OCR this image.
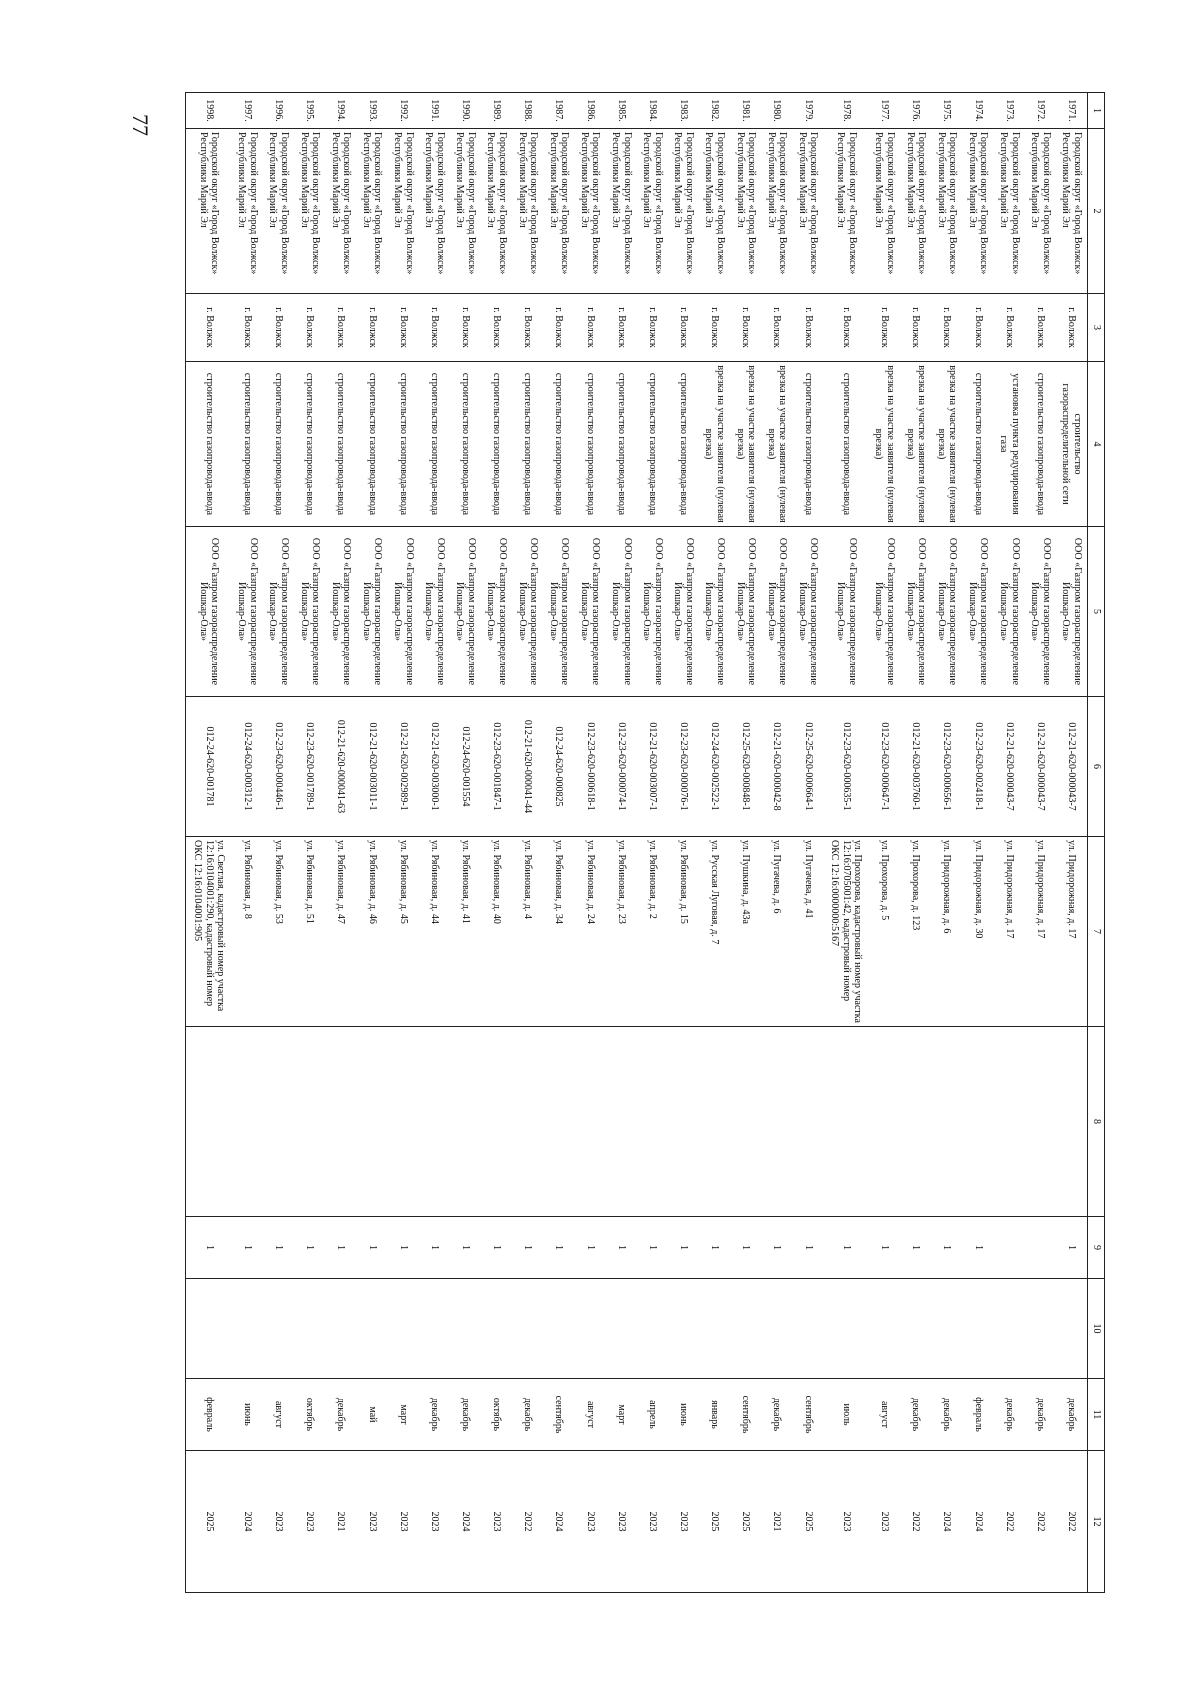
77
1	2	3	4	5	6	7	8	9	10	11	12
1971.	Городской округ «Город Волжск» Республики Марий Эл	г. Волжск	строительство газораспределительной сети	ООО «Газпром газораспределение Йошкар-Ола»	012-21-620-000043-7	ул. Придорожная, д. 17		1		декабрь	2022
1972.	Городской округ «Город Волжск» Республики Марий Эл	г. Волжск	строительство газопровода-ввода	ООО «Газпром газораспределение Йошкар-Ола»	012-21-620-000043-7	ул. Придорожная, д. 17				декабрь	2022
1973.	Городской округ «Город Волжск» Республики Марий Эл	г. Волжск	установка пункта редуцирования газа	ООО «Газпром газораспределение Йошкар-Ола»	012-21-620-000043-7	ул. Придорожная, д. 17				декабрь	2022
1974.	Городской округ «Город Волжск» Республики Марий Эл	г. Волжск	строительство газопровода-ввода	ООО «Газпром газораспределение Йошкар-Ола»	012-23-620-002418-1	ул. Придорожная, д. 30		1		февраль	2024
1975.	Городской округ «Город Волжск» Республики Марий Эл	г. Волжск	врезка на участке заявителя (нулевая врезка)	ООО «Газпром газораспределение Йошкар-Ола»	012-23-620-000656-1	ул. Придорожная, д. 6		1		декабрь	2024
1976.	Городской округ «Город Волжск» Республики Марий Эл	г. Волжск	врезка на участке заявителя (нулевая врезка)	ООО «Газпром газораспределение Йошкар-Ола»	012-21-620-003760-1	ул. Прохорова, д. 123		1		декабрь	2022
1977.	Городской округ «Город Волжск» Республики Марий Эл	г. Волжск	врезка на участке заявителя (нулевая врезка)	ООО «Газпром газораспределение Йошкар-Ола»	012-23-620-000647-1	ул. Прохорова, д. 5		1		август	2023
1978.	Городской округ «Город Волжск» Республики Марий Эл	г. Волжск	строительство газопровода-ввода	ООО «Газпром газораспределение Йошкар-Ола»	012-23-620-000635-1	ул. Прохорова, кадастровый номер участка 12:16:0705001:42, кадастровый номер ОКС 12:16:0000000:5167		1		июль	2023
1979.	Городской округ «Город Волжск» Республики Марий Эл	г. Волжск	строительство газопровода-ввода	ООО «Газпром газораспределение Йошкар-Ола»	012-25-620-000664-1	ул. Пугачева, д. 41		1		сентябрь	2025
1980.	Городской округ «Город Волжск» Республики Марий Эл	г. Волжск	врезка на участке заявителя (нулевая врезка)	ООО «Газпром газораспределение Йошкар-Ола»	012-21-620-000042-8	ул. Пугачева, д. 6		1		декабрь	2021
1981.	Городской округ «Город Волжск» Республики Марий Эл	г. Волжск	врезка на участке заявителя (нулевая врезка)	ООО «Газпром газораспределение Йошкар-Ола»	012-25-620-000848-1	ул. Пушкина, д. 43а		1		сентябрь	2025
1982.	Городской округ «Город Волжск» Республики Марий Эл	г. Волжск	врезка на участке заявителя (нулевая врезка)	ООО «Газпром газораспределение Йошкар-Ола»	012-24-620-002522-1	ул. Русская Луговая, д. 7		1		январь	2025
1983.	Городской округ «Город Волжск» Республики Марий Эл	г. Волжск	строительство газопровода-ввода	ООО «Газпром газораспределение Йошкар-Ола»	012-23-620-000076-1	ул. Рябиновая, д. 15		1		июнь	2023
1984.	Городской округ «Город Волжск» Республики Марий Эл	г. Волжск	строительство газопровода-ввода	ООО «Газпром газораспределение Йошкар-Ола»	012-21-620-003007-1	ул. Рябиновая, д. 2		1		апрель	2023
1985.	Городской округ «Город Волжск» Республики Марий Эл	г. Волжск	строительство газопровода-ввода	ООО «Газпром газораспределение Йошкар-Ола»	012-23-620-000074-1	ул. Рябиновая, д. 23		1		март	2023
1986.	Городской округ «Город Волжск» Республики Марий Эл	г. Волжск	строительство газопровода-ввода	ООО «Газпром газораспределение Йошкар-Ола»	012-23-620-000618-1	ул. Рябиновая, д. 24		1		август	2023
1987.	Городской округ «Город Волжск» Республики Марий Эл	г. Волжск	строительство газопровода-ввода	ООО «Газпром газораспределение Йошкар-Ола»	012-24-620-000825	ул. Рябиновая, д. 34		1		сентябрь	2024
1988.	Городской округ «Город Волжск» Республики Марий Эл	г. Волжск	строительство газопровода-ввода	ООО «Газпром газораспределение Йошкар-Ола»	012-21-620-000041-44	ул. Рябиновая, д. 4		1		декабрь	2022
1989.	Городской округ «Город Волжск» Республики Марий Эл	г. Волжск	строительство газопровода-ввода	ООО «Газпром газораспределение Йошкар-Ола»	012-23-620-001847-1	ул. Рябиновая, д. 40		1		октябрь	2023
1990.	Городской округ «Город Волжск» Республики Марий Эл	г. Волжск	строительство газопровода-ввода	ООО «Газпром газораспределение Йошкар-Ола»	012-24-620-001554	ул. Рябиновая, д. 41		1		декабрь	2024
1991.	Городской округ «Город Волжск» Республики Марий Эл	г. Волжск	строительство газопровода-ввода	ООО «Газпром газораспределение Йошкар-Ола»	012-21-620-003000-1	ул. Рябиновая, д. 44		1		декабрь	2023
1992.	Городской округ «Город Волжск» Республики Марий Эл	г. Волжск	строительство газопровода-ввода	ООО «Газпром газораспределение Йошкар-Ола»	012-21-620-002989-1	ул. Рябиновая, д. 45		1		март	2023
1993.	Городской округ «Город Волжск» Республики Марий Эл	г. Волжск	строительство газопровода-ввода	ООО «Газпром газораспределение Йошкар-Ола»	012-21-620-003011-1	ул. Рябиновая, д. 46		1		май	2023
1994.	Городской округ «Город Волжск» Республики Марий Эл	г. Волжск	строительство газопровода-ввода	ООО «Газпром газораспределение Йошкар-Ола»	012-21-620-000041-63	ул. Рябиновая, д. 47		1		декабрь	2021
1995.	Городской округ «Город Волжск» Республики Марий Эл	г. Волжск	строительство газопровода-ввода	ООО «Газпром газораспределение Йошкар-Ола»	012-23-620-001789-1	ул. Рябиновая, д. 51		1		октябрь	2023
1996.	Городской округ «Город Волжск» Республики Марий Эл	г. Волжск	строительство газопровода-ввода	ООО «Газпром газораспределение Йошкар-Ола»	012-23-620-000446-1	ул. Рябиновая, д. 53		1		август	2023
1997.	Городской округ «Город Волжск» Республики Марий Эл	г. Волжск	строительство газопровода-ввода	ООО «Газпром газораспределение Йошкар-Ола»	012-24-620-000312-1	ул. Рябиновая, д. 8		1		июнь	2024
1998.	Городской округ «Город Волжск» Республики Марий Эл	г. Волжск	строительство газопровода-ввода	ООО «Газпром газораспределение Йошкар-Ола»	012-24-620-001781	ул. Светлая, кадастровый номер участка 12:16:0104001:290, кадастровый номер ОКС 12:16:0104001:905		1		февраль	2025
